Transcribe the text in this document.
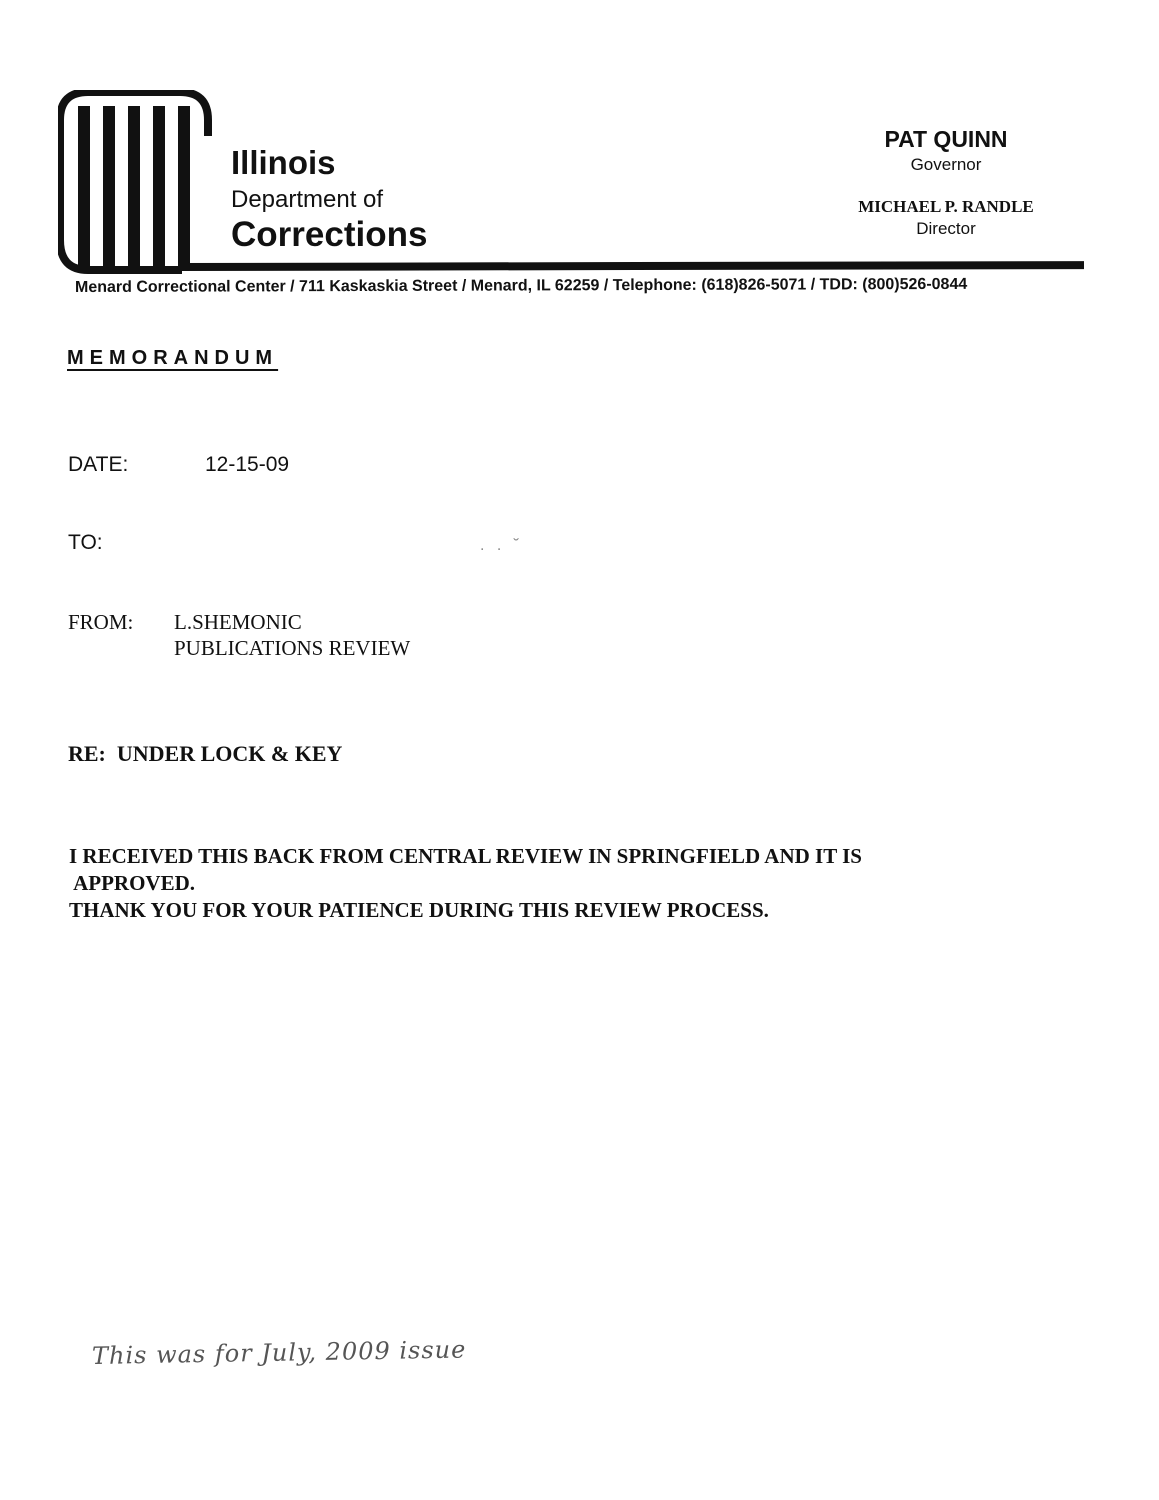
Illinois
Department of
Corrections
PAT QUINN
Governor
MICHAEL P. RANDLE
Director
Menard Correctional Center / 711 Kaskaskia Street / Menard, IL 62259 / Telephone: (618)826-5071 / TDD: (800)526-0844
MEMORANDUM
DATE:	12-15-09
TO:	. . ˘
FROM: L.SHEMONIC
PUBLICATIONS REVIEW
RE:  UNDER LOCK & KEY
I RECEIVED THIS BACK FROM CENTRAL REVIEW IN SPRINGFIELD AND IT IS
APPROVED.
THANK YOU FOR YOUR PATIENCE DURING THIS REVIEW PROCESS.
This was for July, 2009 issue
